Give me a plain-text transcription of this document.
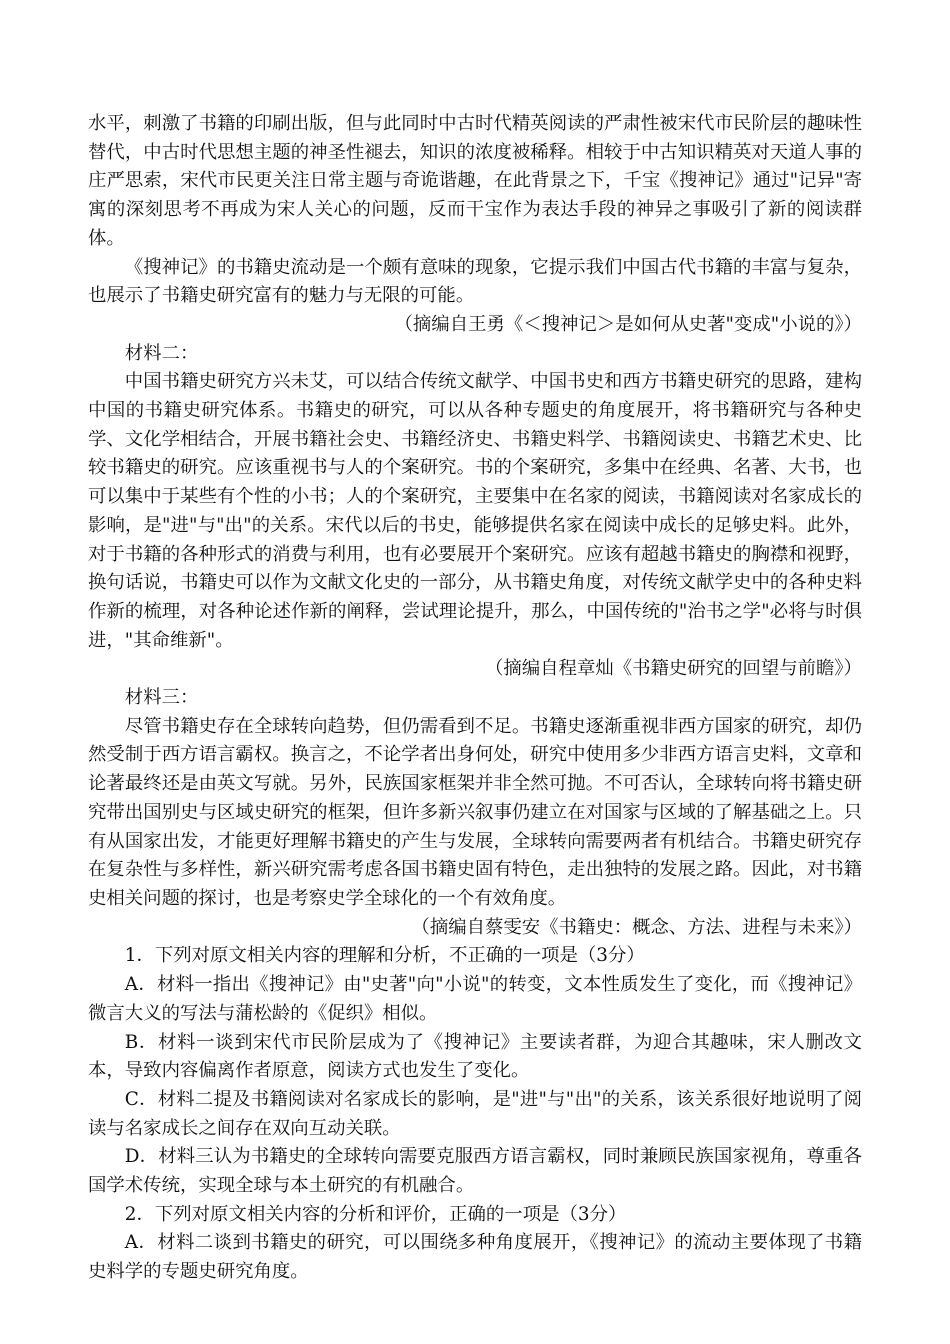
水平，刺激了书籍的印刷出版，但与此同时中古时代精英阅读的严肃性被宋代市民阶层的趣味性替代，中古时代思想主题的神圣性褪去，知识的浓度被稀释。相较于中古知识精英对天道人事的庄严思索，宋代市民更关注日常主题与奇诡谐趣，在此背景之下，千宝《搜神记》通过"记异"寄寓的深刻思考不再成为宋人关心的问题，反而干宝作为表达手段的神异之事吸引了新的阅读群体。

《搜神记》的书籍史流动是一个颇有意味的现象，它提示我们中国古代书籍的丰富与复杂，也展示了书籍史研究富有的魅力与无限的可能。

（摘编自王勇《＜搜神记＞是如何从史著"变成"小说的》）

材料二：

中国书籍史研究方兴未艾，可以结合传统文献学、中国书史和西方书籍史研究的思路，建构中国的书籍史研究体系。书籍史的研究，可以从各种专题史的角度展开，将书籍研究与各种史学、文化学相结合，开展书籍社会史、书籍经济史、书籍史料学、书籍阅读史、书籍艺术史、比较书籍史的研究。应该重视书与人的个案研究。书的个案研究，多集中在经典、名著、大书，也可以集中于某些有个性的小书；人的个案研究，主要集中在名家的阅读，书籍阅读对名家成长的影响，是"进"与"出"的关系。宋代以后的书史，能够提供名家在阅读中成长的足够史料。此外，对于书籍的各种形式的消费与利用，也有必要展开个案研究。应该有超越书籍史的胸襟和视野，换句话说，书籍史可以作为文献文化史的一部分，从书籍史角度，对传统文献学史中的各种史料作新的梳理，对各种论述作新的阐释，尝试理论提升，那么，中国传统的"治书之学"必将与时俱进，"其命维新"。

（摘编自程章灿《书籍史研究的回望与前瞻》）

材料三：

尽管书籍史存在全球转向趋势，但仍需看到不足。书籍史逐渐重视非西方国家的研究，却仍然受制于西方语言霸权。换言之，不论学者出身何处，研究中使用多少非西方语言史料，文章和论著最终还是由英文写就。另外，民族国家框架并非全然可抛。不可否认，全球转向将书籍史研究带出国别史与区域史研究的框架，但许多新兴叙事仍建立在对国家与区域的了解基础之上。只有从国家出发，才能更好理解书籍史的产生与发展，全球转向需要两者有机结合。书籍史研究存在复杂性与多样性，新兴研究需考虑各国书籍史固有特色，走出独特的发展之路。因此，对书籍史相关问题的探讨，也是考察史学全球化的一个有效角度。

（摘编自蔡雯安《书籍史：概念、方法、进程与未来》）

1．下列对原文相关内容的理解和分析，不正确的一项是（3分）

A．材料一指出《搜神记》由"史著"向"小说"的转变，文本性质发生了变化，而《搜神记》微言大义的写法与蒲松龄的《促织》相似。

B．材料一谈到宋代市民阶层成为了《搜神记》主要读者群，为迎合其趣味，宋人删改文本，导致内容偏离作者原意，阅读方式也发生了变化。

C．材料二提及书籍阅读对名家成长的影响，是"进"与"出"的关系，该关系很好地说明了阅读与名家成长之间存在双向互动关联。

D．材料三认为书籍史的全球转向需要克服西方语言霸权，同时兼顾民族国家视角，尊重各国学术传统，实现全球与本土研究的有机融合。

2．下列对原文相关内容的分析和评价，正确的一项是（3分）

A．材料二谈到书籍史的研究，可以围绕多种角度展开，《搜神记》的流动主要体现了书籍史料学的专题史研究角度。
